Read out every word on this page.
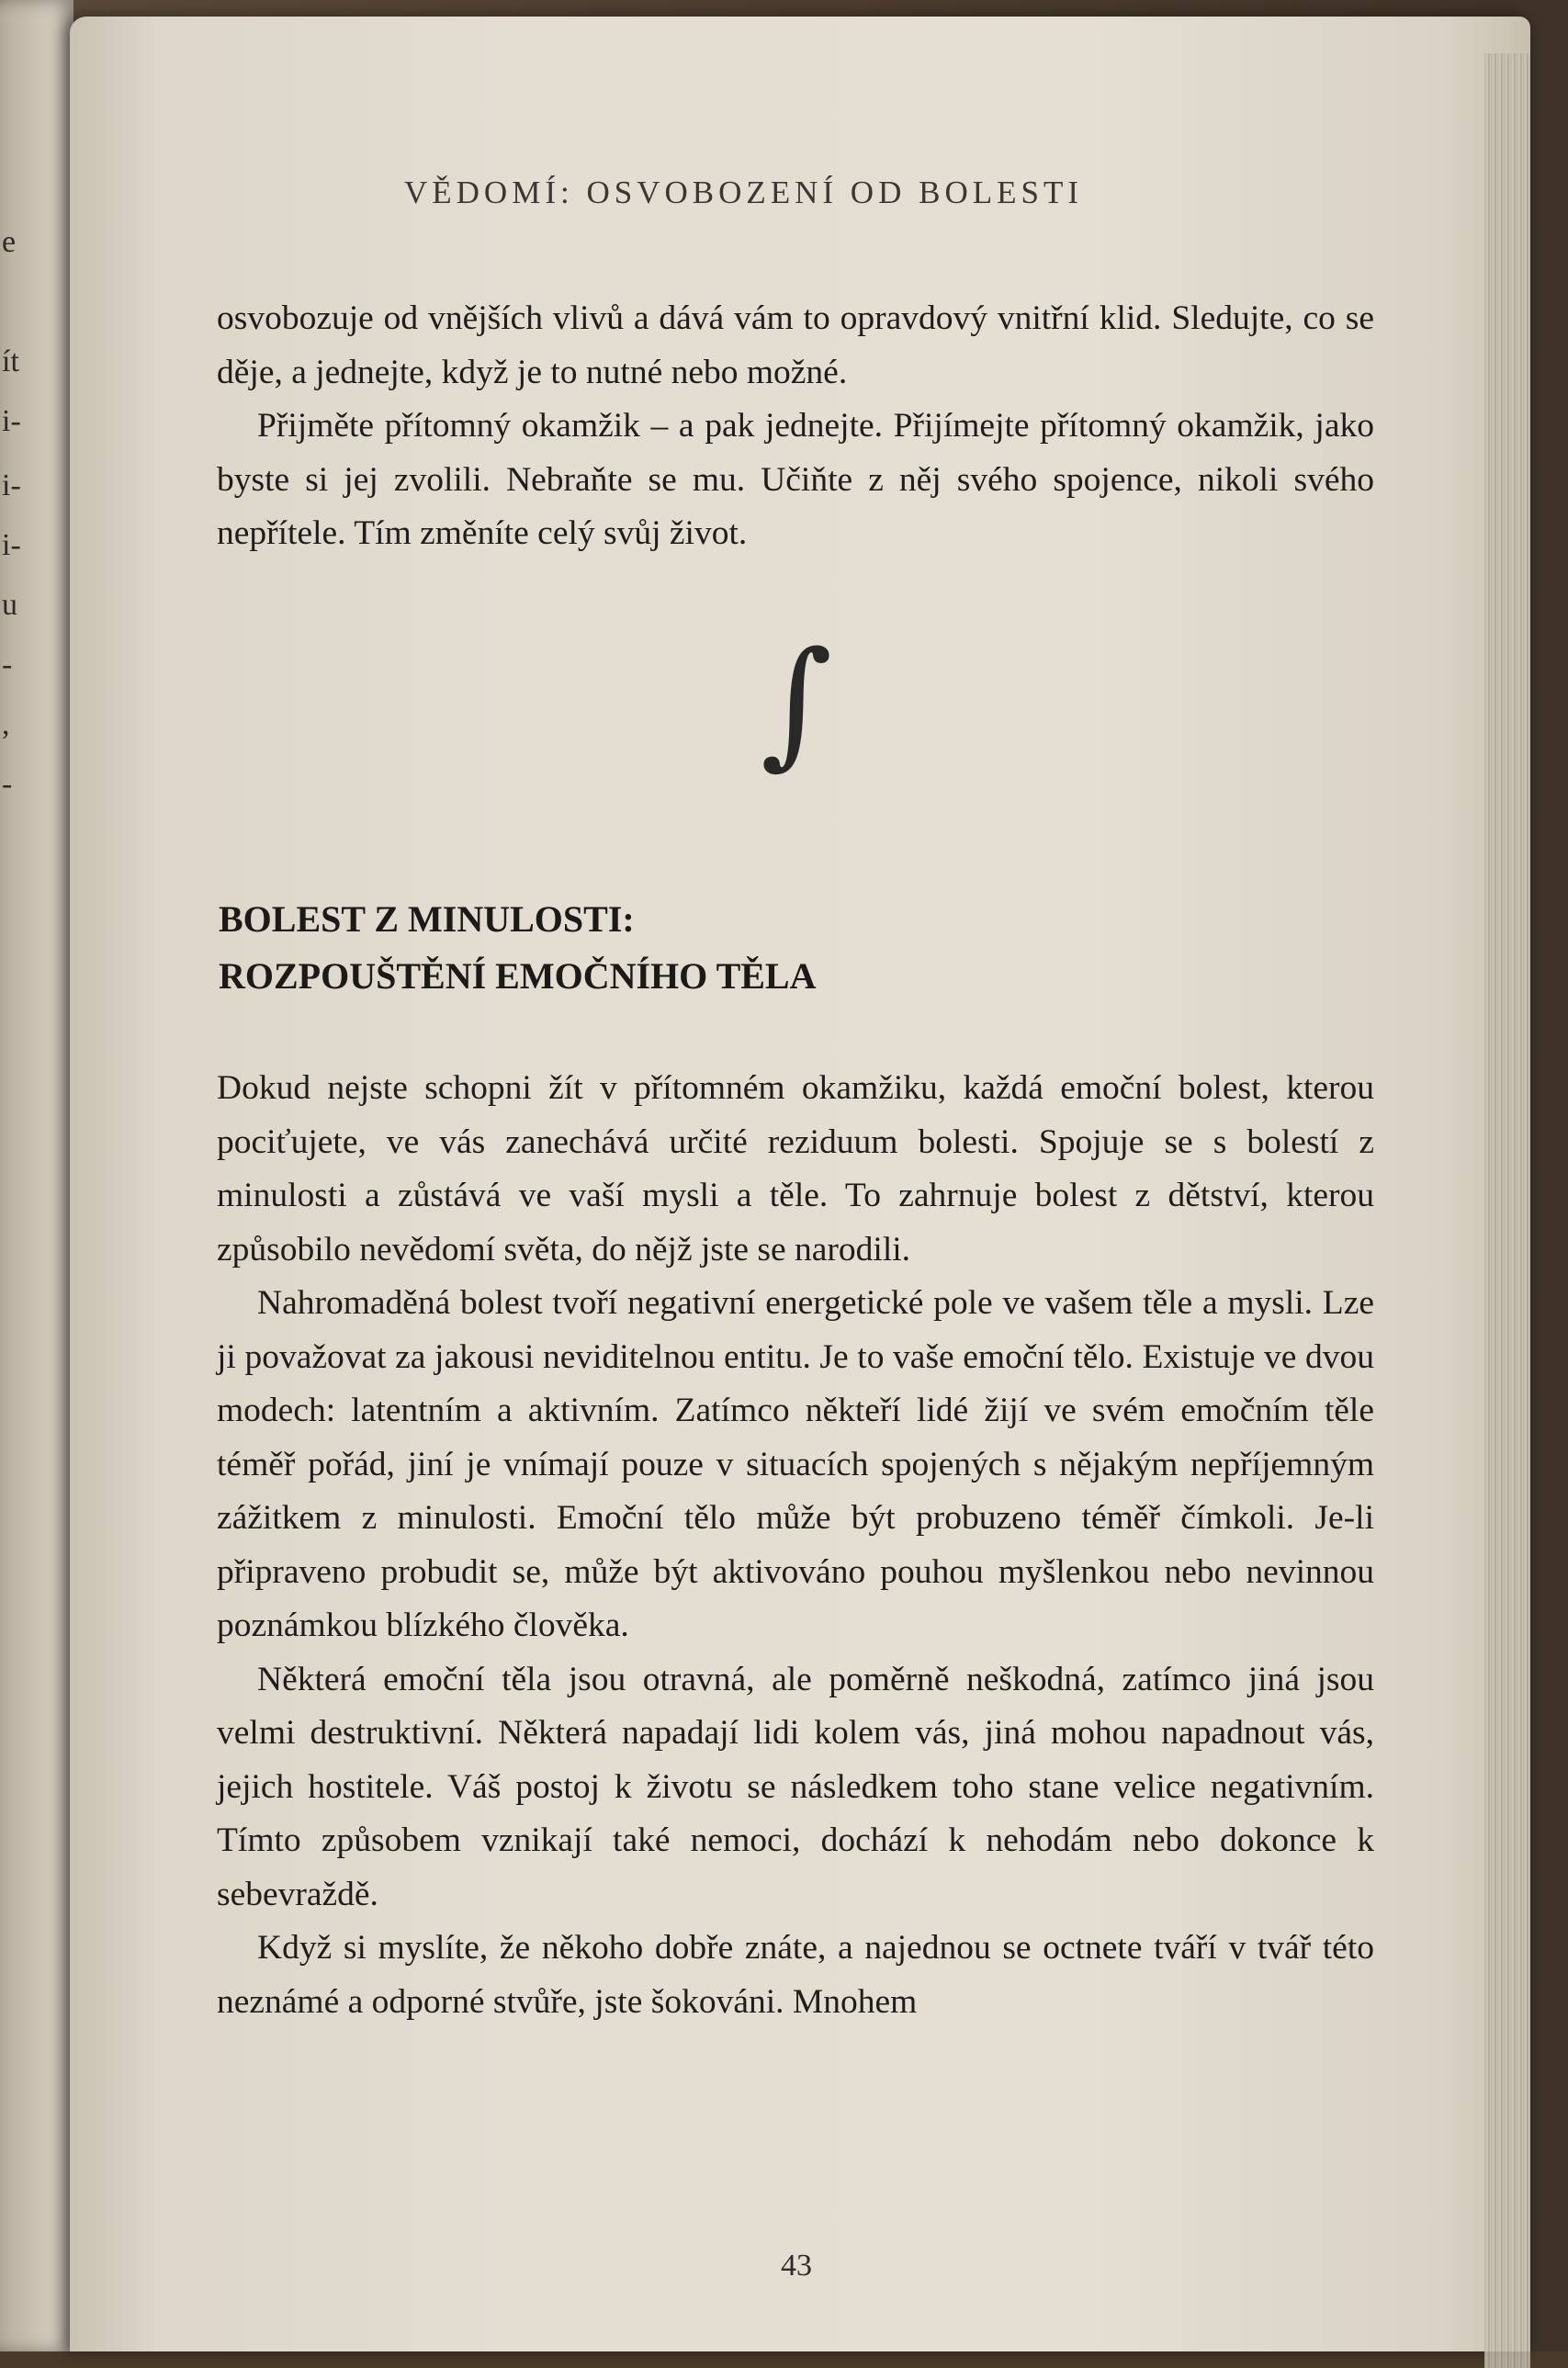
e
ít
i-
i-
i-
u
-
,
-
VĚDOMÍ: OSVOBOZENÍ OD BOLESTI

osvobozuje od vnějších vlivů a dává vám to opravdový vnitřní klid. Sledujte, co se děje, a jednejte, když je to nutné nebo možné.

Přijměte přítomný okamžik – a pak jednejte. Přijímejte přítomný okamžik, jako byste si jej zvolili. Nebraňte se mu. Učiňte z něj svého spojence, nikoli svého nepřítele. Tím změníte celý svůj život.

∫
BOLEST Z MINULOSTI:
ROZPOUŠTĚNÍ EMOČNÍHO TĚLA

Dokud nejste schopni žít v přítomném okamžiku, každá emoční bolest, kterou pociťujete, ve vás zanechává určité reziduum bolesti. Spojuje se s bolestí z minulosti a zůstává ve vaší mysli a těle. To zahrnuje bolest z dětství, kterou způsobilo nevědomí světa, do nějž jste se narodili.

Nahromaděná bolest tvoří negativní energetické pole ve vašem těle a mysli. Lze ji považovat za jakousi neviditelnou entitu. Je to vaše emoční tělo. Existuje ve dvou modech: latentním a aktivním. Zatímco někteří lidé žijí ve svém emočním těle téměř pořád, jiní je vnímají pouze v situacích spojených s nějakým nepříjemným zážitkem z minulosti. Emoční tělo může být probuzeno téměř čímkoli. Je-li připraveno probudit se, může být aktivováno pouhou myšlenkou nebo nevinnou poznámkou blízkého člověka.

Některá emoční těla jsou otravná, ale poměrně neškodná, zatímco jiná jsou velmi destruktivní. Některá napadají lidi kolem vás, jiná mohou napadnout vás, jejich hostitele. Váš postoj k životu se následkem toho stane velice negativním. Tímto způsobem vznikají také nemoci, dochází k nehodám nebo dokonce k sebevraždě.

Když si myslíte, že někoho dobře znáte, a najednou se octnete tváří v tvář této neznámé a odporné stvůře, jste šokováni. Mnohem

43
